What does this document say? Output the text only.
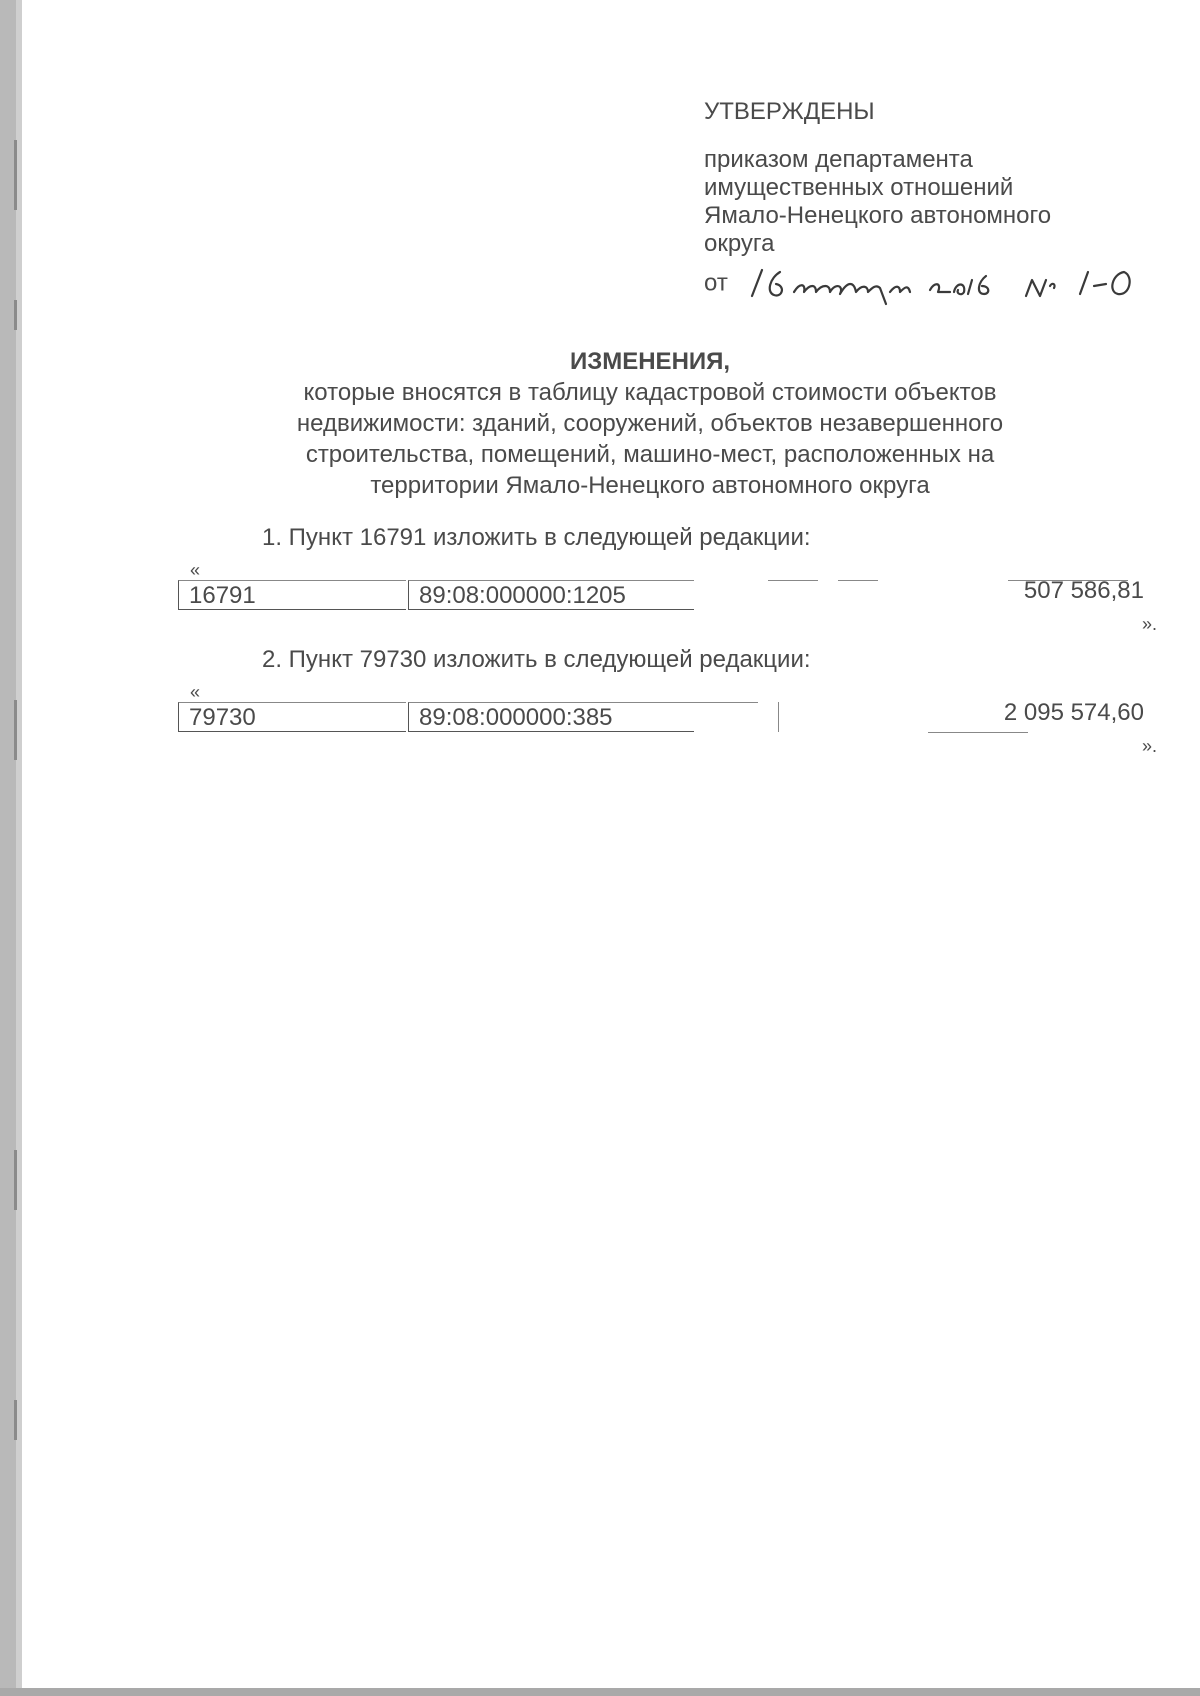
УТВЕРЖДЕНЫ
приказом департамента
имущественных отношений
Ямало-Ненецкого автономного
округа
от
ИЗМЕНЕНИЯ,
которые вносятся в таблицу кадастровой стоимости объектов
недвижимости: зданий, сооружений, объектов незавершенного
строительства, помещений, машино-мест, расположенных на
территории Ямало-Ненецкого автономного округа
1. Пункт 16791 изложить в следующей редакции:
«
16791	89:08:000000:1205	507 586,81
».
2. Пункт 79730 изложить в следующей редакции:
«
79730	89:08:000000:385	2 095 574,60
».
